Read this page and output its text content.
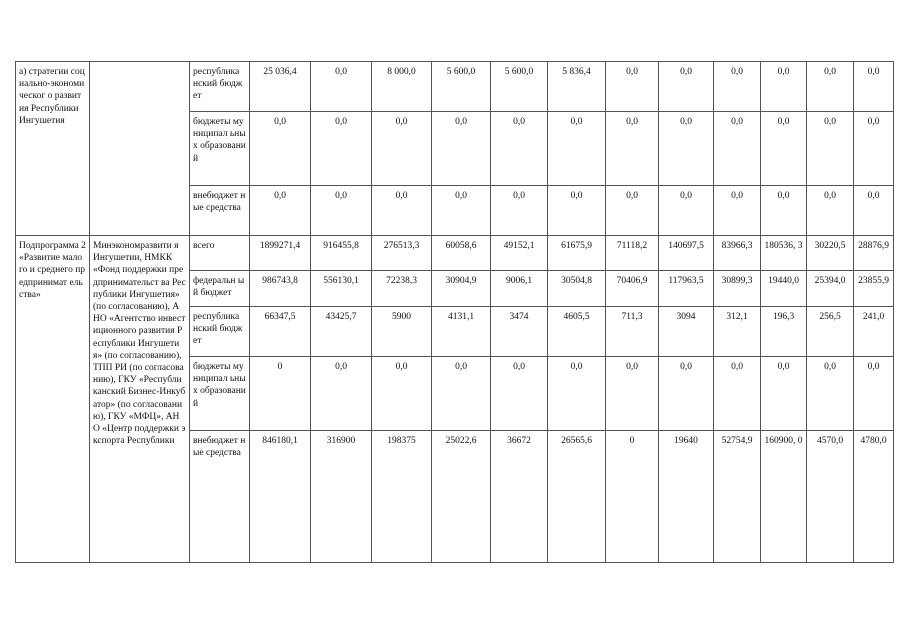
а) стратегии социально-экономическог о развития Республики Ингушетия		республика нский бюджет	25 036,4	0,0	8 000,0	5 600,0	5 600,0	5 836,4	0,0	0,0	0,0	0,0	0,0	0,0
		бюджеты муниципал ьных образовани й	0,0	0,0	0,0	0,0	0,0	0,0	0,0	0,0	0,0	0,0	0,0	0,0
		внебюджет ные средства	0,0	0,0	0,0	0,0	0,0	0,0	0,0	0,0	0,0	0,0	0,0	0,0
Подпрограмма 2 «Развитие малого и среднего предпринимат ельства»	Минэкономразвити я Ингушетии, НМКК «Фонд поддержки предпринимательст ва Республики Ингушетия» (по согласованию), АНО «Агентство инвестиционного развития Республики Ингушетия» (по согласованию), ТПП РИ (по согласованию), ГКУ «Республиканский Бизнес-Инкубатор» (по согласованию), ГКУ «МФЦ», АНО «Центр поддержки экспорта Республики	всего	1899271,4	916455,8	276513,3	60058,6	49152,1	61675,9	71118,2	140697,5	83966,3	180536, 3	30220,5	28876,9
		федеральн ый бюджет	986743,8	556130,1	72238,3	30904,9	9006,1	30504,8	70406,9	117963,5	30899,3	19440,0	25394,0	23855,9
		республика нский бюджет	66347,5	43425,7	5900	4131,1	3474	4605,5	711,3	3094	312,1	196,3	256,5	241,0
		бюджеты муниципал ьных образовани й	0	0,0	0,0	0,0	0,0	0,0	0,0	0,0	0,0	0,0	0,0	0,0
		внебюджет ные средства	846180,1	316900	198375	25022,6	36672	26565,6	0	19640	52754,9	160900, 0	4570,0	4780,0
